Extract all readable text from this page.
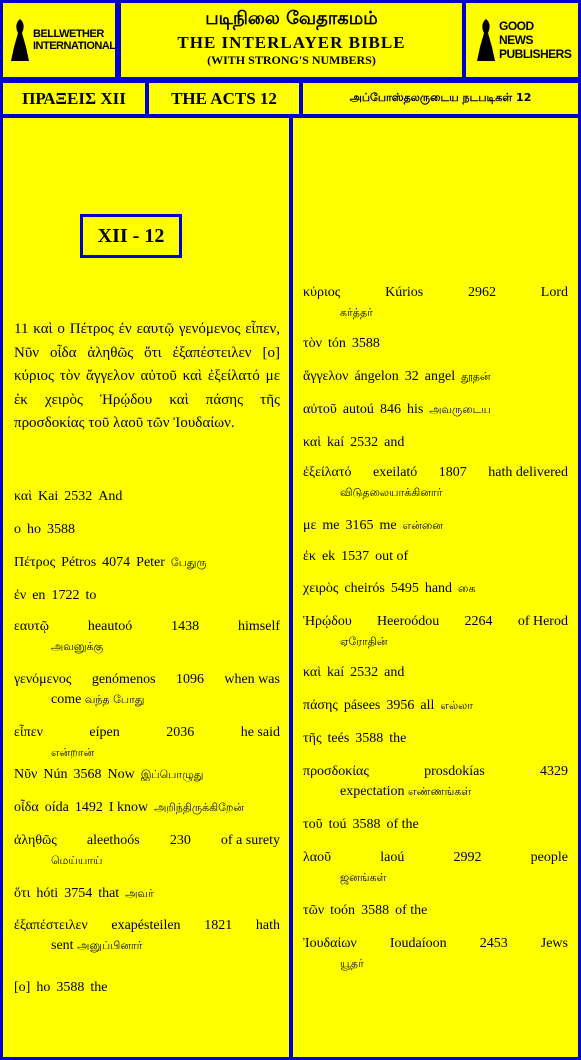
BELLWETHER INTERNATIONAL
படிநிலை வேதாகமம்
THE INTERLAYER BIBLE
(WITH STRONG'S NUMBERS)
GOOD NEWS PUBLISHERS
ΠΡΑΞΕΙΣ XII	THE ACTS 12	அப்போஸ்தலருடைய நடபடிகள் 12
XII - 12
11 καὶ ο Πέτρος ἐν εαυτῷ γενόμενος εἶπεν, Νῦν οἶδα ἀληθῶς ὅτι ἐξαπέστειλεν [ο] κύριος τὸν ἄγγελον αὐτοῦ καὶ ἐξείλατό με ἐκ χειρὸς Ἡρῴδου καὶ πάσης τῆς προσδοκίας τοῦ λαοῦ τῶν Ἰουδαίων.
καὶ Kai 2532 And
ο ho 3588
Πέτρος Pétros 4074 Peter பேதுரு
ἐν en 1722 to
εαυτῷ	heautoó	1438	himself
அவனுக்கு
γενόμενος genómenos 1096 when was
come வந்த போது
εἶπεν	eípen	2036	he said
என்றான்
Νῦν Nún 3568 Now இப்பொழுது
οἶδα oída 1492 I know அறிந்திருக்கிறேன்
ἀληθῶς aleethoós 230 of a surety
மெய்யாய்
ὅτι hóti 3754 that அவர்
ἐξαπέστειλεν exapésteilen 1821 hath
sent அனுப்பினார்
[ο] ho 3588 the
κύριος	Kúrios	2962	Lord
கர்த்தர்
τὸν tón 3588
ἄγγελον ángelon 32 angel தூதன்
αὐτοῦ autoú 846 his அவருடைய
καὶ kaí 2532 and
ἐξείλατό exeilató 1807 hath delivered
விடுதலையாக்கினார்
με me 3165 me என்னை
ἐκ ek 1537 out of
χειρὸς cheirós 5495 hand கை
Ἡρῴδου Heeroódou 2264 of Herod
ஏரோதின்
καὶ kaí 2532 and
πάσης pásees 3956 all எல்லா
τῆς teés 3588 the
προσδοκίας	prosdokías	4329
expectation எண்ணங்கள்
τοῦ toú 3588 of the
λαοῦ	laoú	2992	people
ஜனங்கள்
τῶν toón 3588 of the
Ἰουδαίων Ioudaíoon 2453 Jews
யூதர்
